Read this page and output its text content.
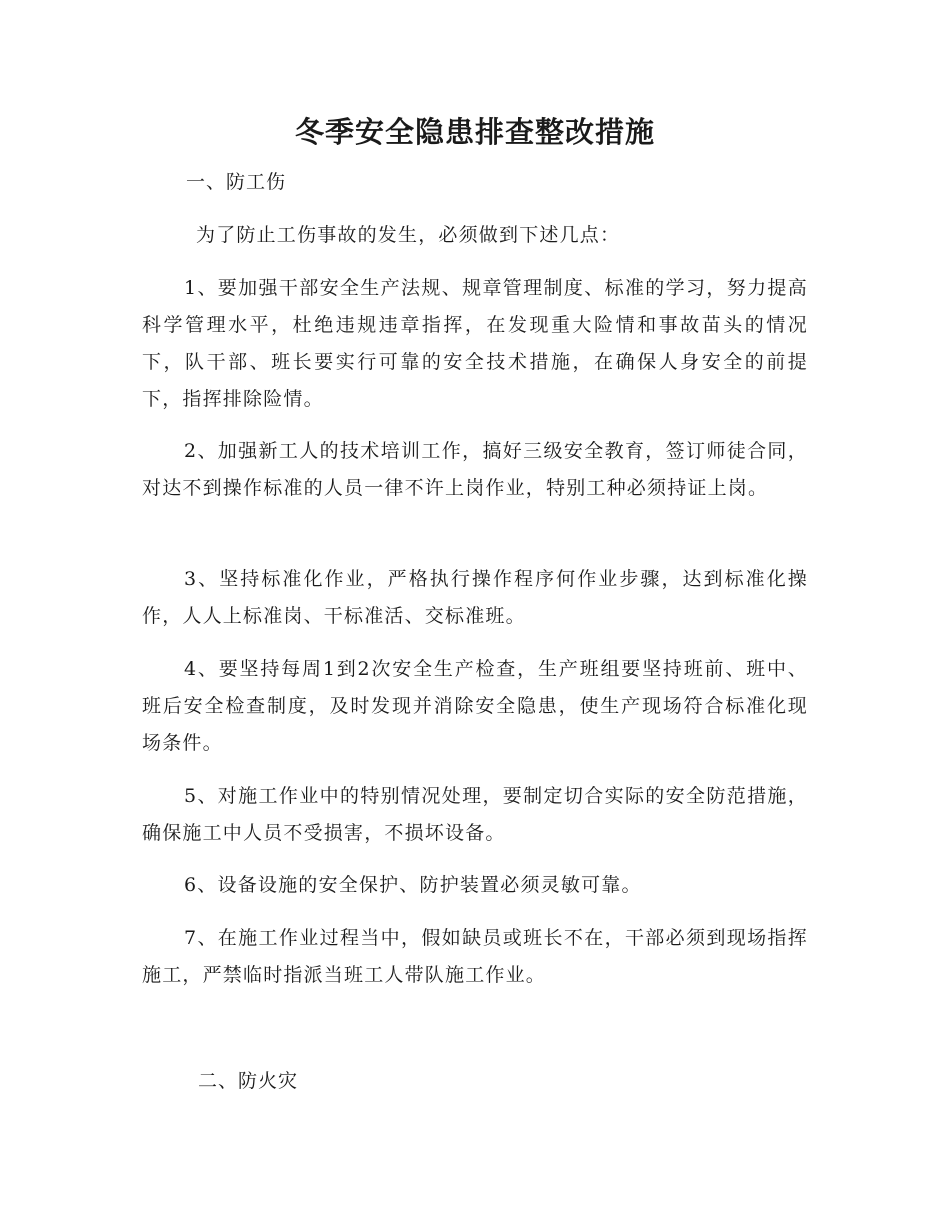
冬季安全隐患排查整改措施
一、防工伤
为了防止工伤事故的发生，必须做到下述几点：
1、要加强干部安全生产法规、规章管理制度、标准的学习，努力提高科学管理水平，杜绝违规违章指挥，在发现重大险情和事故苗头的情况下，队干部、班长要实行可靠的安全技术措施，在确保人身安全的前提下，指挥排除险情。
2、加强新工人的技术培训工作，搞好三级安全教育，签订师徒合同，对达不到操作标准的人员一律不许上岗作业，特别工种必须持证上岗。
3、坚持标准化作业，严格执行操作程序何作业步骤，达到标准化操作，人人上标准岗、干标准活、交标准班。
4、要坚持每周1到2次安全生产检查，生产班组要坚持班前、班中、班后安全检查制度，及时发现并消除安全隐患，使生产现场符合标准化现场条件。
5、对施工作业中的特别情况处理，要制定切合实际的安全防范措施，确保施工中人员不受损害，不损坏设备。
6、设备设施的安全保护、防护装置必须灵敏可靠。
7、在施工作业过程当中，假如缺员或班长不在，干部必须到现场指挥施工，严禁临时指派当班工人带队施工作业。
二、防火灾
